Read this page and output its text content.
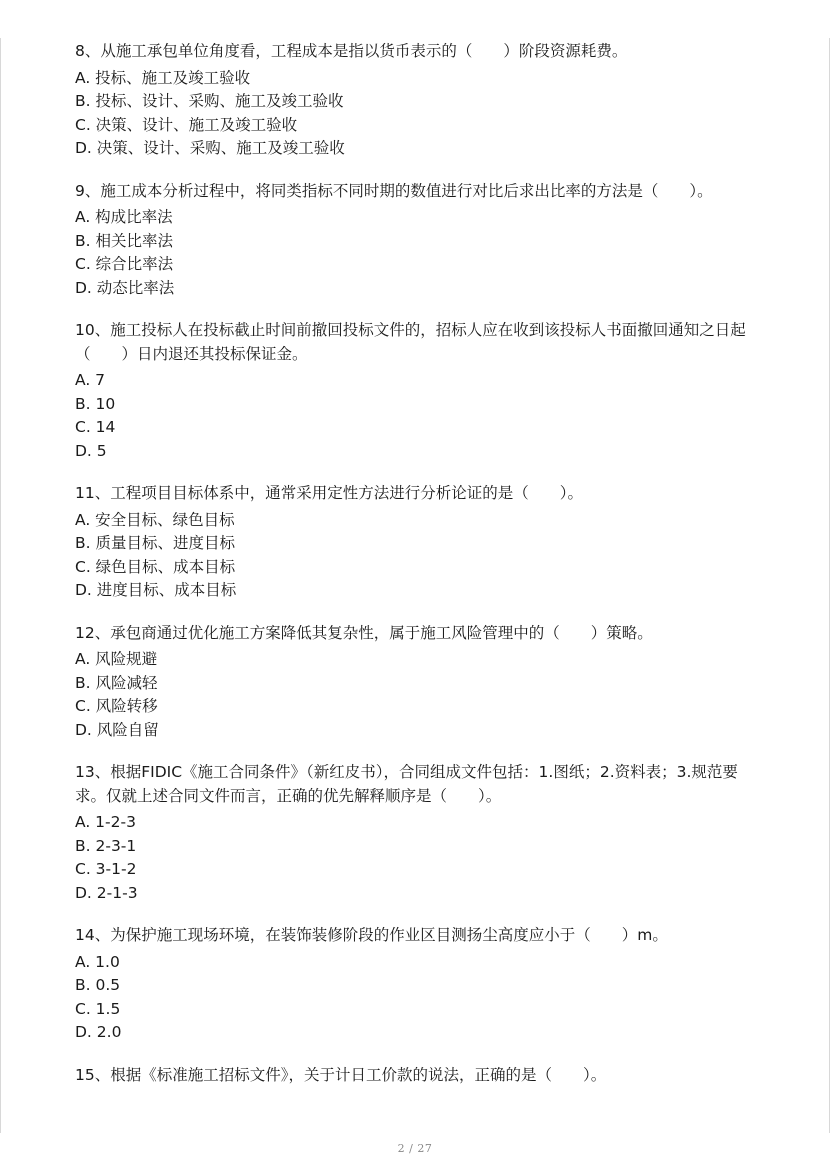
8、从施工承包单位角度看，工程成本是指以货币表示的（　　）阶段资源耗费。
A. 投标、施工及竣工验收
B. 投标、设计、采购、施工及竣工验收
C. 决策、设计、施工及竣工验收
D. 决策、设计、采购、施工及竣工验收
9、施工成本分析过程中，将同类指标不同时期的数值进行对比后求出比率的方法是（　　）。
A. 构成比率法
B. 相关比率法
C. 综合比率法
D. 动态比率法
10、施工投标人在投标截止时间前撤回投标文件的，招标人应在收到该投标人书面撤回通知之日起（　　）日内退还其投标保证金。
A. 7
B. 10
C. 14
D. 5
11、工程项目目标体系中，通常采用定性方法进行分析论证的是（　　）。
A. 安全目标、绿色目标
B. 质量目标、进度目标
C. 绿色目标、成本目标
D. 进度目标、成本目标
12、承包商通过优化施工方案降低其复杂性，属于施工风险管理中的（　　）策略。
A. 风险规避
B. 风险减轻
C. 风险转移
D. 风险自留
13、根据FIDIC《施工合同条件》（新红皮书），合同组成文件包括：1.图纸；2.资料表；3.规范要求。仅就上述合同文件而言，正确的优先解释顺序是（　　）。
A. 1-2-3
B. 2-3-1
C. 3-1-2
D. 2-1-3
14、为保护施工现场环境，在装饰装修阶段的作业区目测扬尘高度应小于（　　）m。
A. 1.0
B. 0.5
C. 1.5
D. 2.0
15、根据《标准施工招标文件》，关于计日工价款的说法，正确的是（　　）。
2 / 27
